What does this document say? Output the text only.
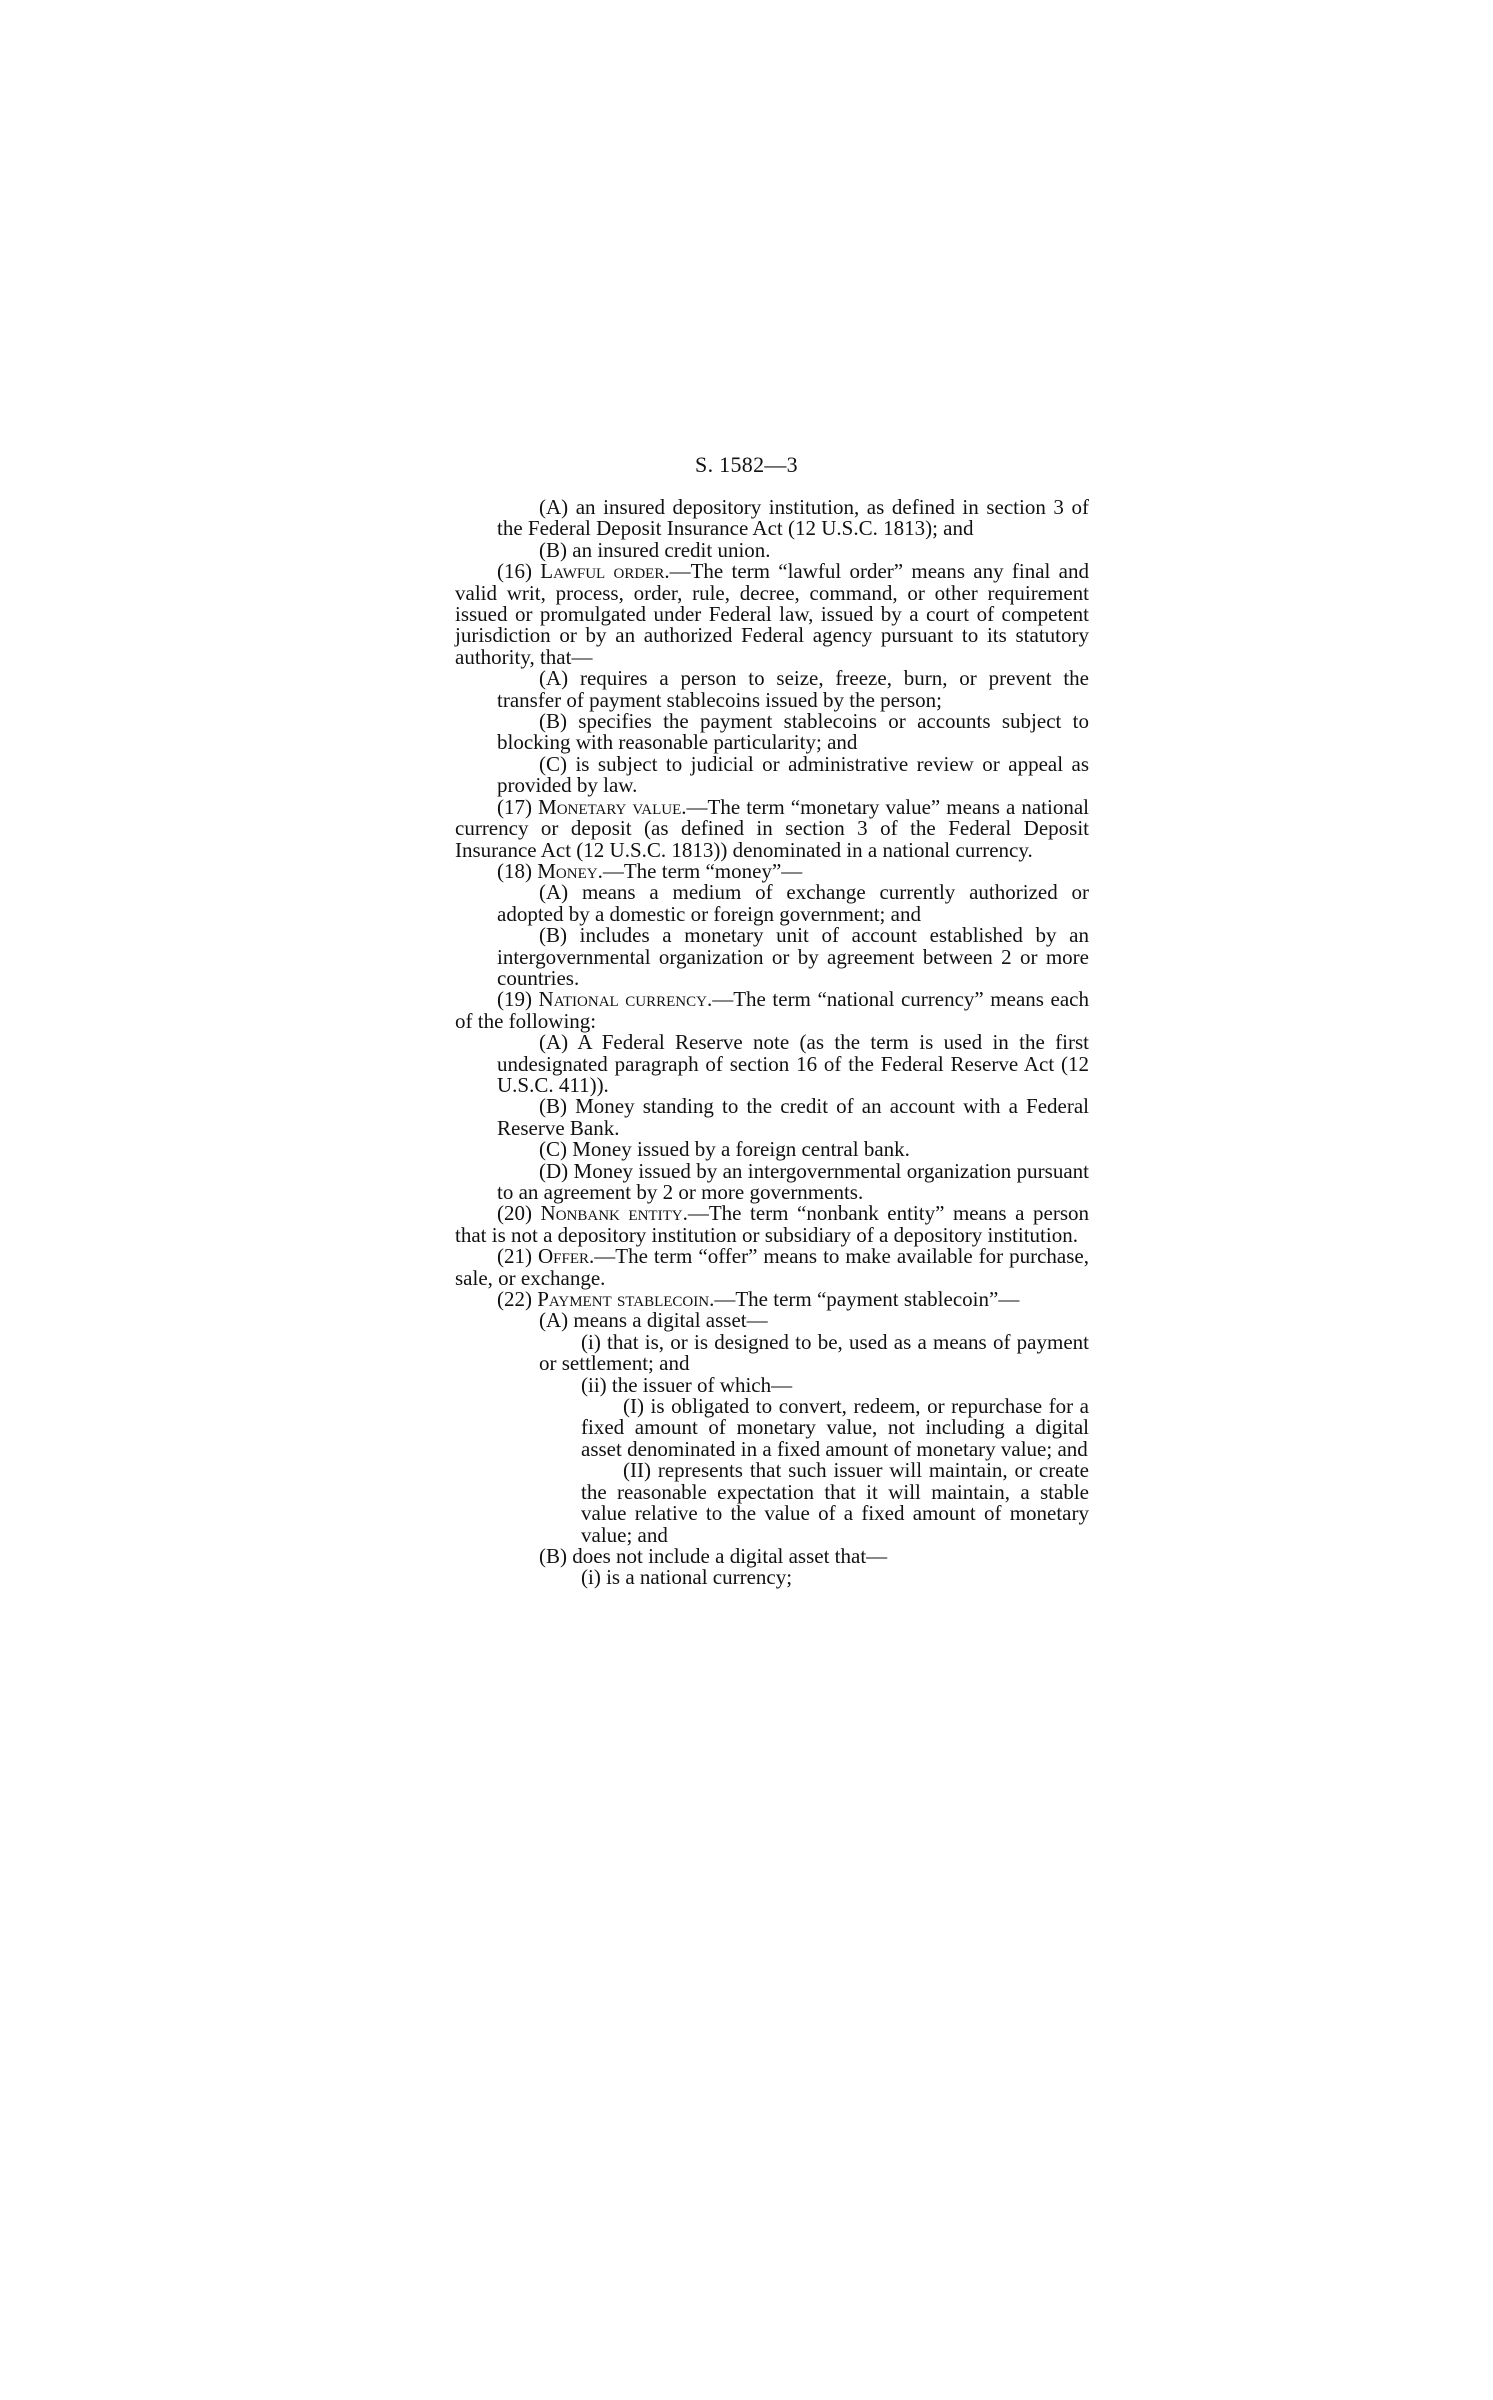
S. 1582—3

(A) an insured depository institution, as defined in section 3 of the Federal Deposit Insurance Act (12 U.S.C. 1813); and

(B) an insured credit union.

(16) Lawful order.—The term “lawful order” means any final and valid writ, process, order, rule, decree, command, or other requirement issued or promulgated under Federal law, issued by a court of competent jurisdiction or by an authorized Federal agency pursuant to its statutory authority, that—

(A) requires a person to seize, freeze, burn, or prevent the transfer of payment stablecoins issued by the person;

(B) specifies the payment stablecoins or accounts subject to blocking with reasonable particularity; and

(C) is subject to judicial or administrative review or appeal as provided by law.

(17) Monetary value.—The term “monetary value” means a national currency or deposit (as defined in section 3 of the Federal Deposit Insurance Act (12 U.S.C. 1813)) denominated in a national currency.

(18) Money.—The term “money”—

(A) means a medium of exchange currently authorized or adopted by a domestic or foreign government; and

(B) includes a monetary unit of account established by an intergovernmental organization or by agreement between 2 or more countries.

(19) National currency.—The term “national currency” means each of the following:

(A) A Federal Reserve note (as the term is used in the first undesignated paragraph of section 16 of the Federal Reserve Act (12 U.S.C. 411)).

(B) Money standing to the credit of an account with a Federal Reserve Bank.

(C) Money issued by a foreign central bank.

(D) Money issued by an intergovernmental organization pursuant to an agreement by 2 or more governments.

(20) Nonbank entity.—The term “nonbank entity” means a person that is not a depository institution or subsidiary of a depository institution.

(21) Offer.—The term “offer” means to make available for purchase, sale, or exchange.

(22) Payment stablecoin.—The term “payment stablecoin”—

(A) means a digital asset—

(i) that is, or is designed to be, used as a means of payment or settlement; and

(ii) the issuer of which—

(I) is obligated to convert, redeem, or repurchase for a fixed amount of monetary value, not including a digital asset denominated in a fixed amount of monetary value; and

(II) represents that such issuer will maintain, or create the reasonable expectation that it will maintain, a stable value relative to the value of a fixed amount of monetary value; and

(B) does not include a digital asset that—

(i) is a national currency;
